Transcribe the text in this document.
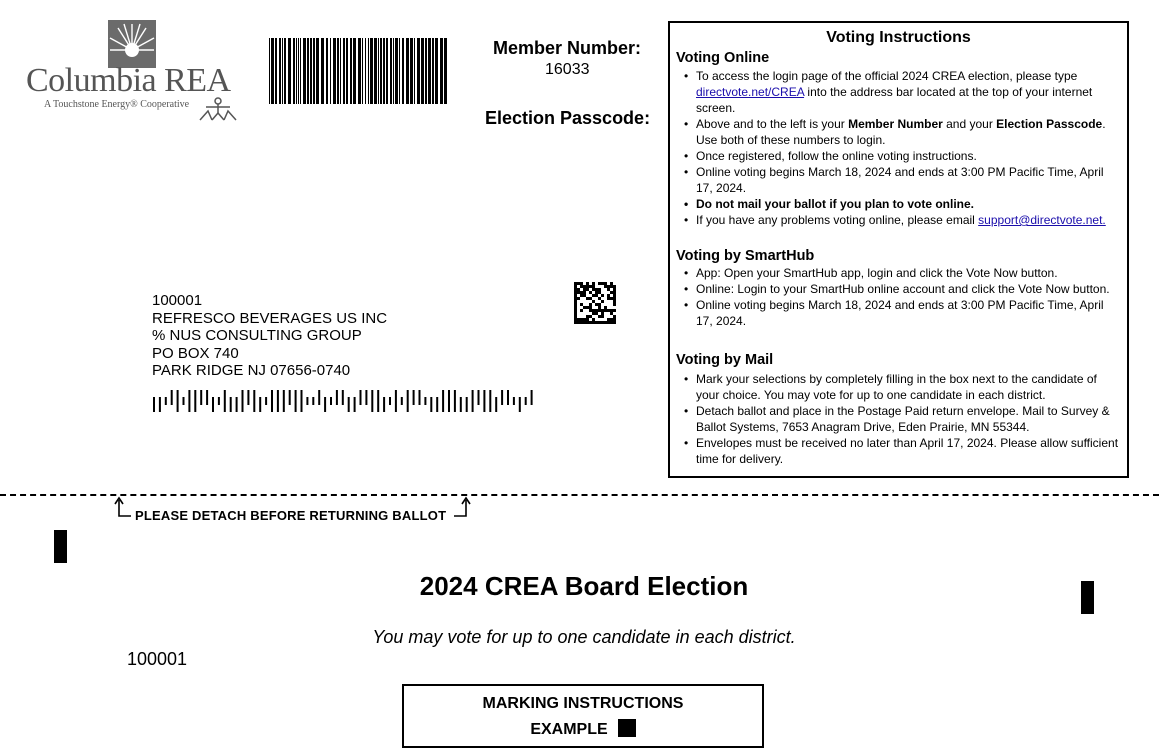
Columbia REA
A Touchstone Energy® Cooperative
Member Number:
16033
Election Passcode:
Voting Instructions
Voting Online
• To access the login page of the official 2024 CREA election, please type directvote.net/CREA into the address bar located at the top of your internet screen.
• Above and to the left is your Member Number and your Election Passcode. Use both of these numbers to login.
• Once registered, follow the online voting instructions.
• Online voting begins March 18, 2024 and ends at 3:00 PM Pacific Time, April 17, 2024.
• Do not mail your ballot if you plan to vote online.
• If you have any problems voting online, please email support@directvote.net.
Voting by SmartHub
• App: Open your SmartHub app, login and click the Vote Now button.
• Online: Login to your SmartHub online account and click the Vote Now button.
• Online voting begins March 18, 2024 and ends at 3:00 PM Pacific Time, April 17, 2024.
Voting by Mail
• Mark your selections by completely filling in the box next to the candidate of your choice. You may vote for up to one candidate in each district.
• Detach ballot and place in the Postage Paid return envelope. Mail to Survey & Ballot Systems, 7653 Anagram Drive, Eden Prairie, MN 55344.
• Envelopes must be received no later than April 17, 2024. Please allow sufficient time for delivery.
100001
REFRESCO BEVERAGES US INC
% NUS CONSULTING GROUP
PO BOX 740
PARK RIDGE NJ 07656-0740
PLEASE DETACH BEFORE RETURNING BALLOT
2024 CREA Board Election
You may vote for up to one candidate in each district.
100001
MARKING INSTRUCTIONS
EXAMPLE
